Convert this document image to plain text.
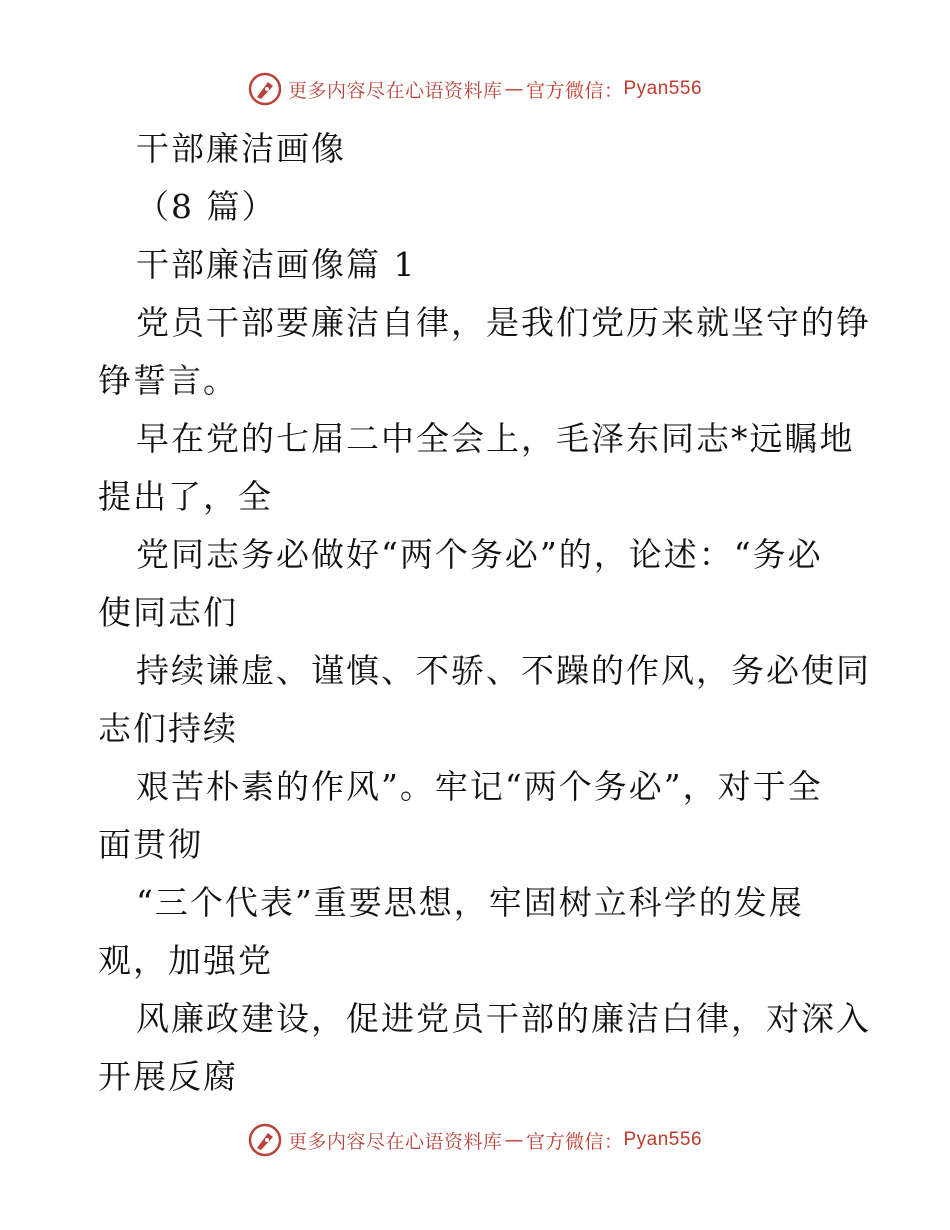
更多内容尽在心语资料库 — 官方微信： Pyan556
干部廉洁画像
（8 篇）
干部廉洁画像篇 1
党员干部要廉洁自律，是我们党历来就坚守的铮
铮誓言。
早在党的七届二中全会上，毛泽东同志*远瞩地
提出了，全
党同志务必做好“两个务必”的，论述：“务必
使同志们
持续谦虚、谨慎、不骄、不躁的作风，务必使同
志们持续
艰苦朴素的作风”。牢记“两个务必”，对于全
面贯彻
“三个代表”重要思想，牢固树立科学的发展
观，加强党
风廉政建设，促进党员干部的廉洁白律，对深入
开展反腐
更多内容尽在心语资料库 — 官方微信： Pyan556
